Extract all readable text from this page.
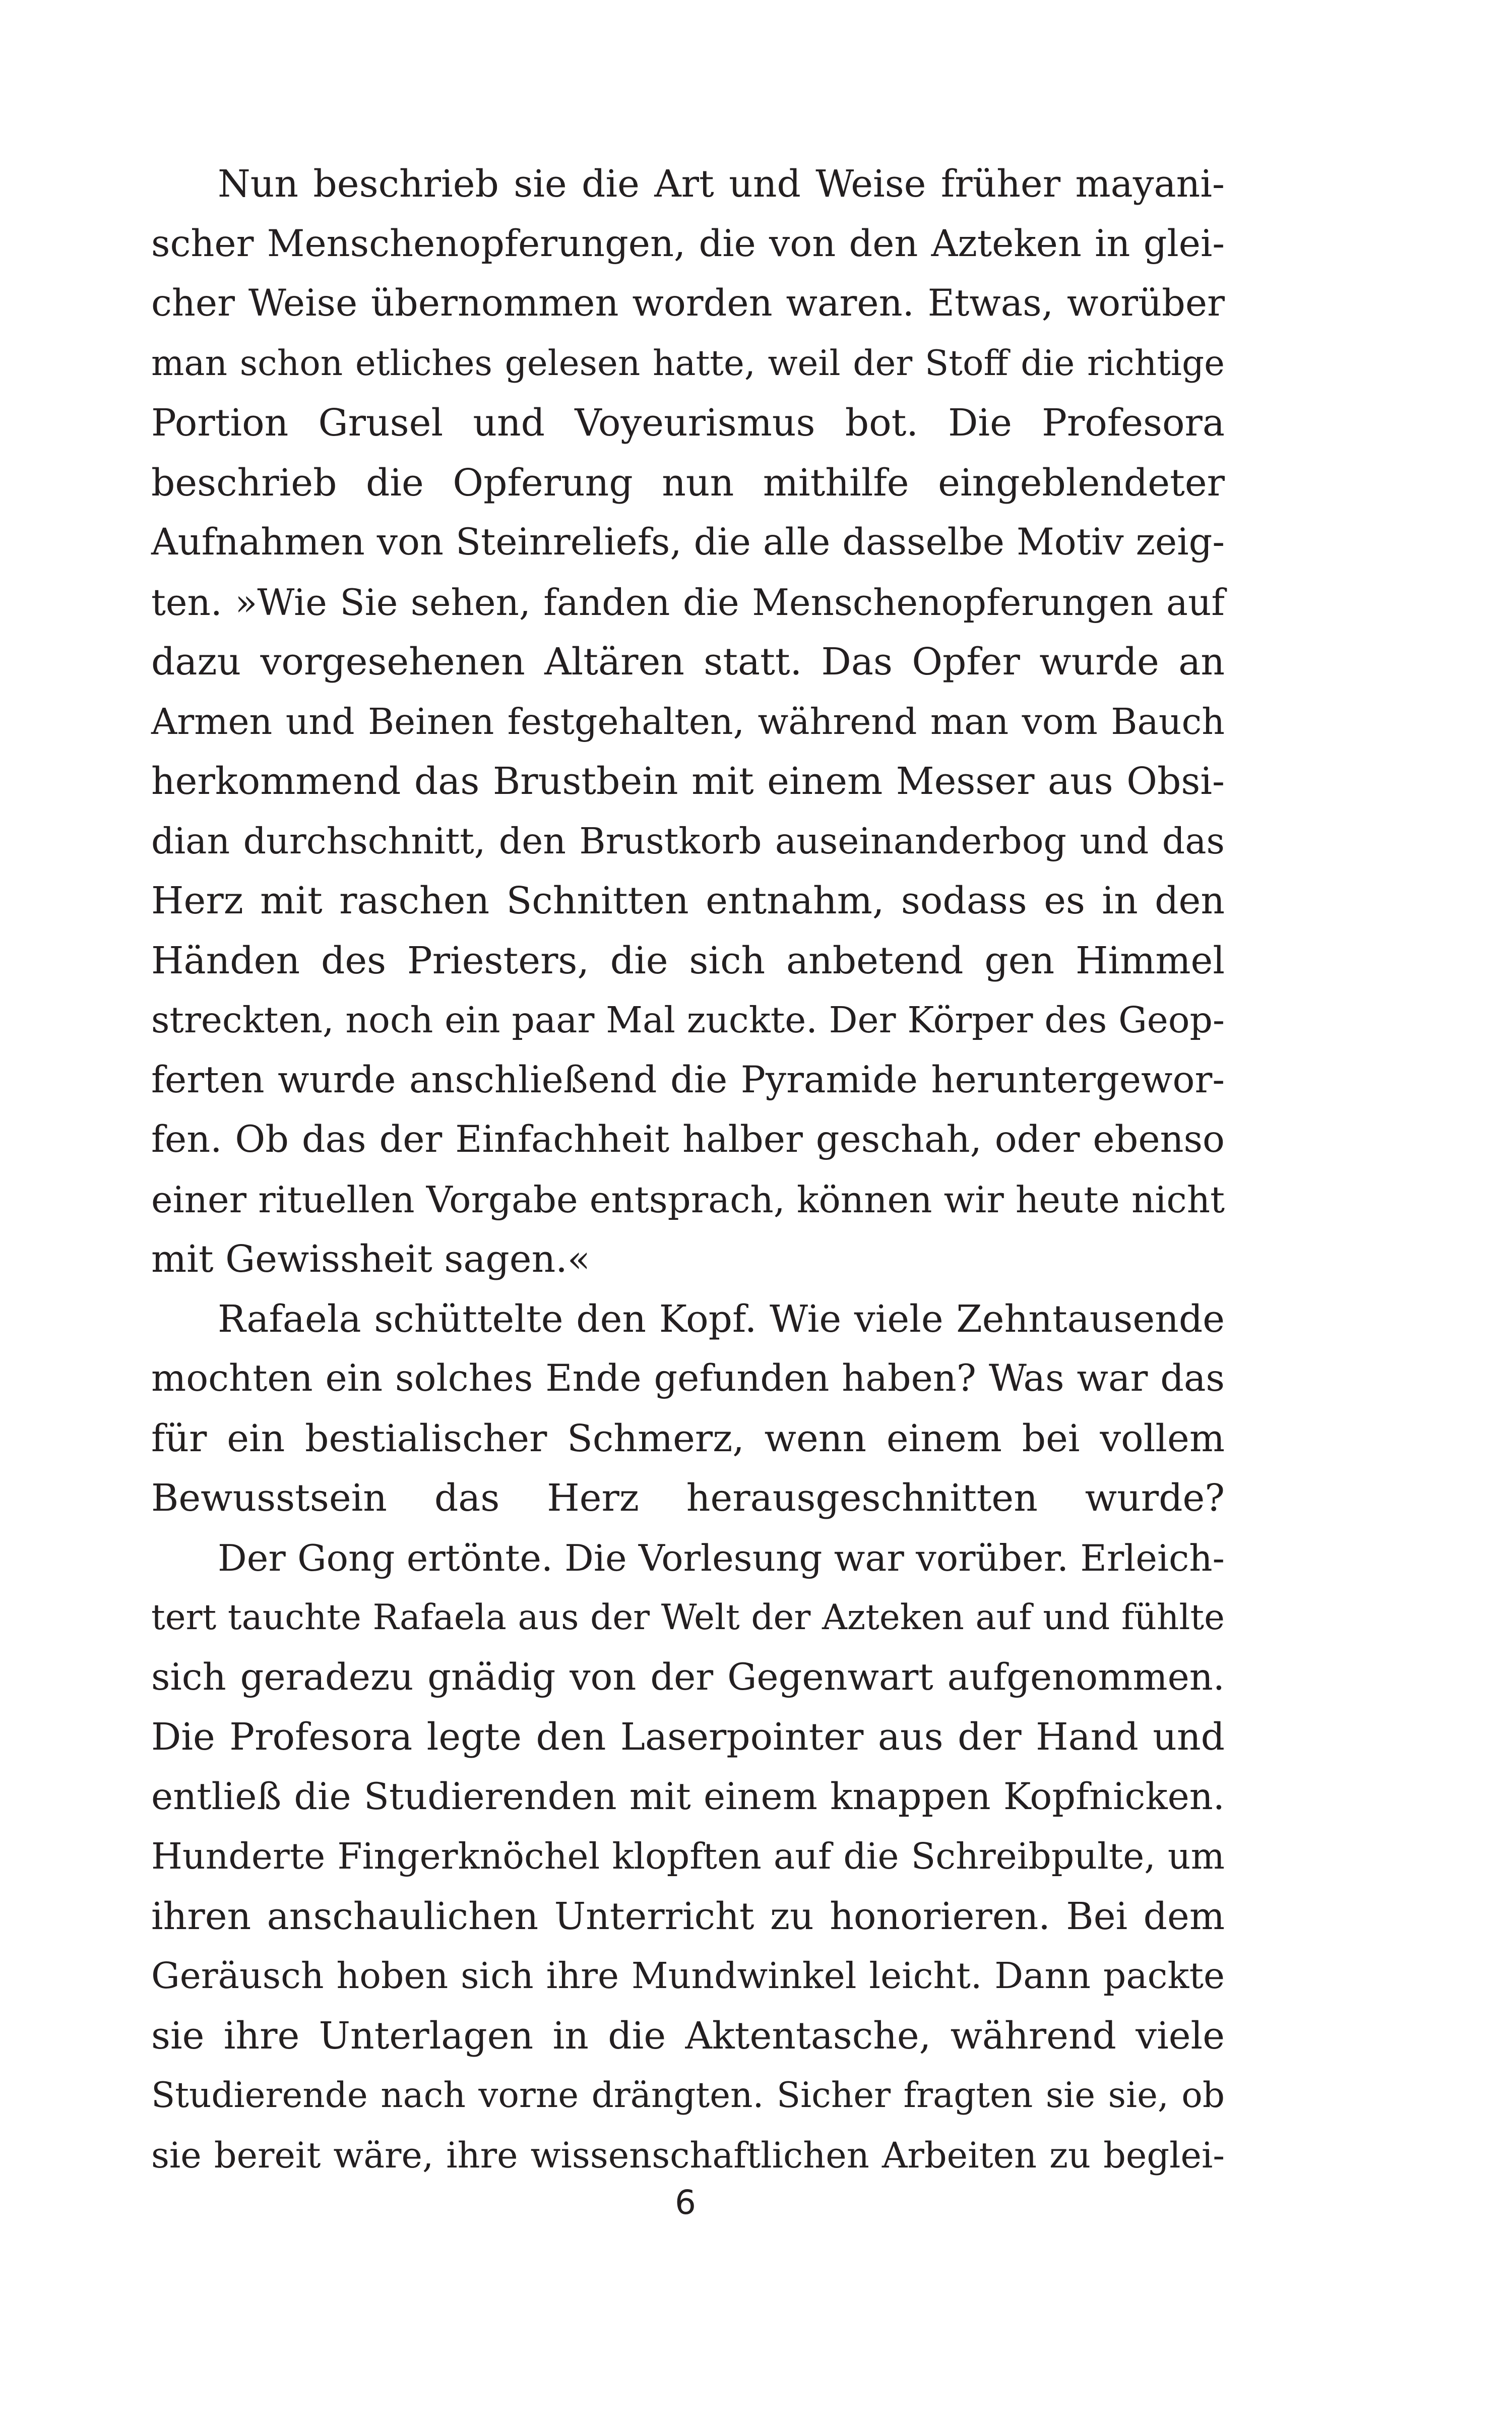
Nun beschrieb sie die Art und Weise früher mayani-
scher Menschenopferungen, die von den Azteken in glei-
cher Weise übernommen worden waren. Etwas, worüber
man schon etliches gelesen hatte, weil der Stoff die richtige
Portion Grusel und Voyeurismus bot. Die Profesora
beschrieb die Opferung nun mithilfe eingeblendeter
Aufnahmen von Steinreliefs, die alle dasselbe Motiv zeig-
ten. »Wie Sie sehen, fanden die Menschenopferungen auf
dazu vorgesehenen Altären statt. Das Opfer wurde an
Armen und Beinen festgehalten, während man vom Bauch
herkommend das Brustbein mit einem Messer aus Obsi-
dian durchschnitt, den Brustkorb auseinanderbog und das
Herz mit raschen Schnitten entnahm, sodass es in den
Händen des Priesters, die sich anbetend gen Himmel
streckten, noch ein paar Mal zuckte. Der Körper des Geop-
ferten wurde anschließend die Pyramide heruntergewor-
fen. Ob das der Einfachheit halber geschah, oder ebenso
einer rituellen Vorgabe entsprach, können wir heute nicht
mit Gewissheit sagen.«
Rafaela schüttelte den Kopf. Wie viele Zehntausende
mochten ein solches Ende gefunden haben? Was war das
für ein bestialischer Schmerz, wenn einem bei vollem
Bewusstsein das Herz herausgeschnitten wurde?
Der Gong ertönte. Die Vorlesung war vorüber. Erleich-
tert tauchte Rafaela aus der Welt der Azteken auf und fühlte
sich geradezu gnädig von der Gegenwart aufgenommen.
Die Profesora legte den Laserpointer aus der Hand und
entließ die Studierenden mit einem knappen Kopfnicken.
Hunderte Fingerknöchel klopften auf die Schreibpulte, um
ihren anschaulichen Unterricht zu honorieren. Bei dem
Geräusch hoben sich ihre Mundwinkel leicht. Dann packte
sie ihre Unterlagen in die Aktentasche, während viele
Studierende nach vorne drängten. Sicher fragten sie sie, ob
sie bereit wäre, ihre wissenschaftlichen Arbeiten zu beglei-
6
